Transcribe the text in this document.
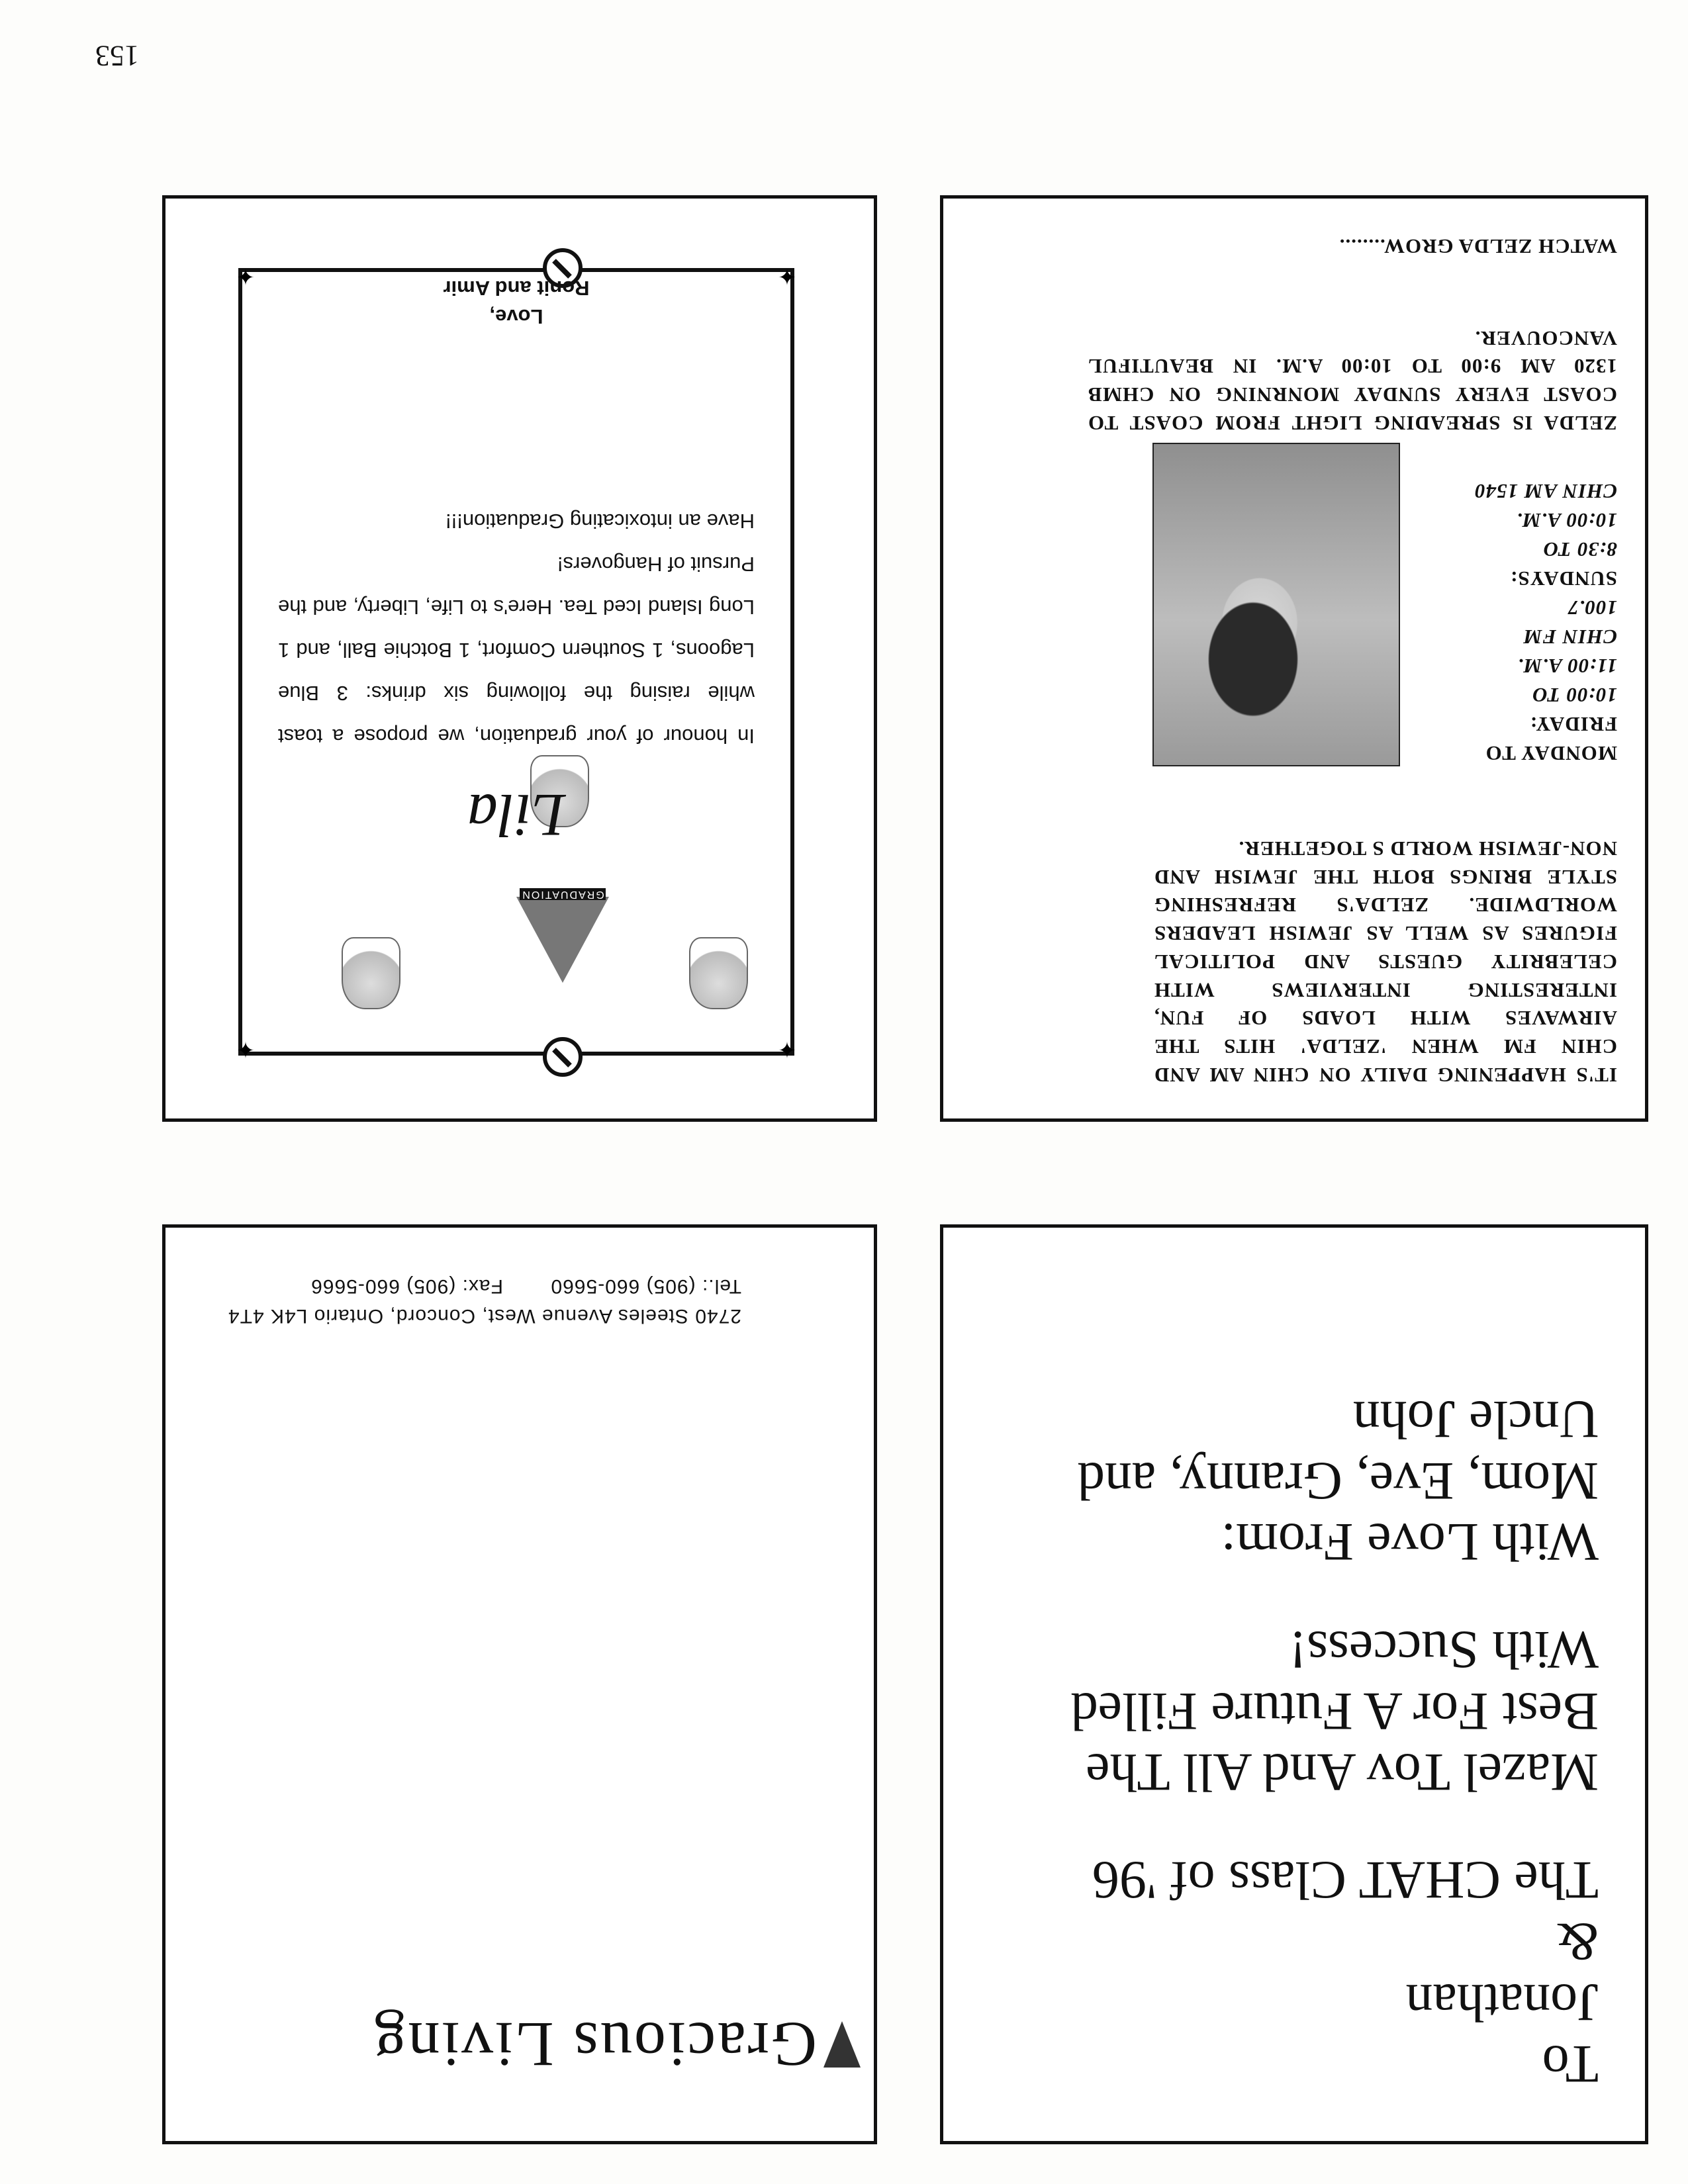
To

Jonathan

&

The CHAT Class of '96

Mazel Tov And All The

Best For A Future Filled

With Success!

With Love From:

Mom, Eve, Granny, and

Uncle John

Gracious Living
2740 Steeles Avenue West, Concord, Ontario L4K 4T4
Tel.: (905) 660-5660
Fax: (905) 660-5666
IT'S HAPPENING DAILY ON CHIN AM AND CHIN FM WHEN 'ZELDA' HITS THE AIRWAVES WITH LOADS OF FUN, INTERESTING INTERVIEWS WITH CELEBRITY GUESTS AND POLITICAL FIGURES AS WELL AS JEWISH LEADERS WORLDWIDE. ZELDA'S REFRESHING STYLE BRINGS BOTH THE JEWISH AND NON-JEWISH WORLD S TOGETHER.
MONDAY TO
FRIDAY:
10:00 TO
11:00 A.M.
CHIN FM
100.7
SUNDAYS:
8:30 TO
10:00 A.M.
CHIN AM 1540
ZELDA IS SPREADING LIGHT FROM COAST TO COAST EVERY SUNDAY MONRNING ON CHMB 1320 AM 9:00 TO 10:00 A.M. IN BEAUTIFUL VANCOUVER.
WATCH ZELDA GROW........
✦
✦
✦
✦
GRADUATION
Lila

In honour of your graduation, we propose a toast while raising the following six drinks: 3 Blue Lagoons, 1 Southern Comfort, 1 Botchie Ball, and 1 Long Island Iced Tea. Here's to Life, Liberty, and the Pursuit of Hangovers!

Have an intoxicating Graduation!!!

Love,

Ronit and Amir

153
